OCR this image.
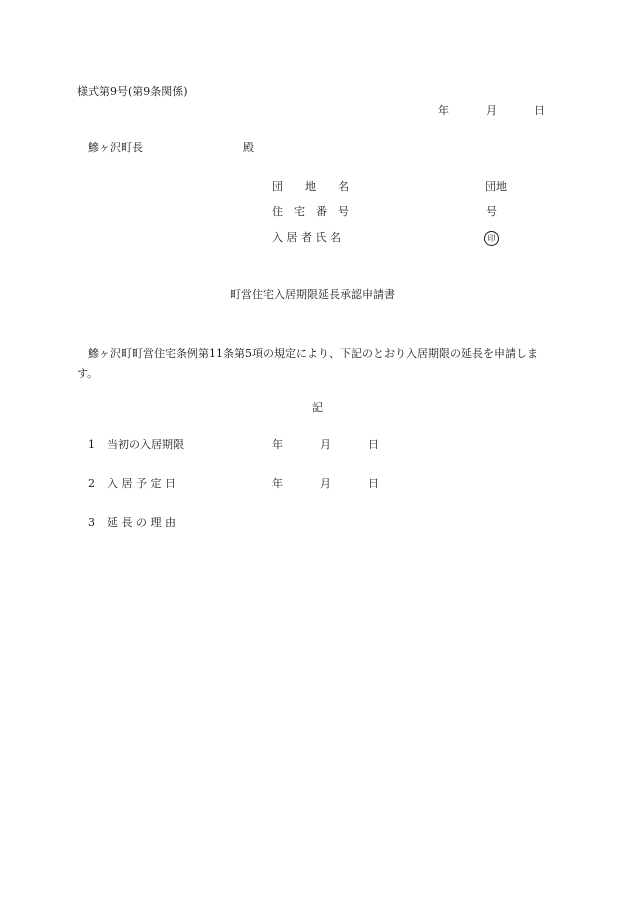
様式第9号(第9条関係)
年	月	日
鰺ヶ沢町長	殿
団　　地　　名	団地
住　宅　番　号	号
入 居 者 氏 名	印
町営住宅入居期限延長承認申請書
鰺ヶ沢町町営住宅条例第11条第5項の規定により、下記のとおり入居期限の延長を申請します。
記
1 当初の入居期限	年	月	日
2 入 居 予 定 日	年	月	日
3 延 長 の 理 由
